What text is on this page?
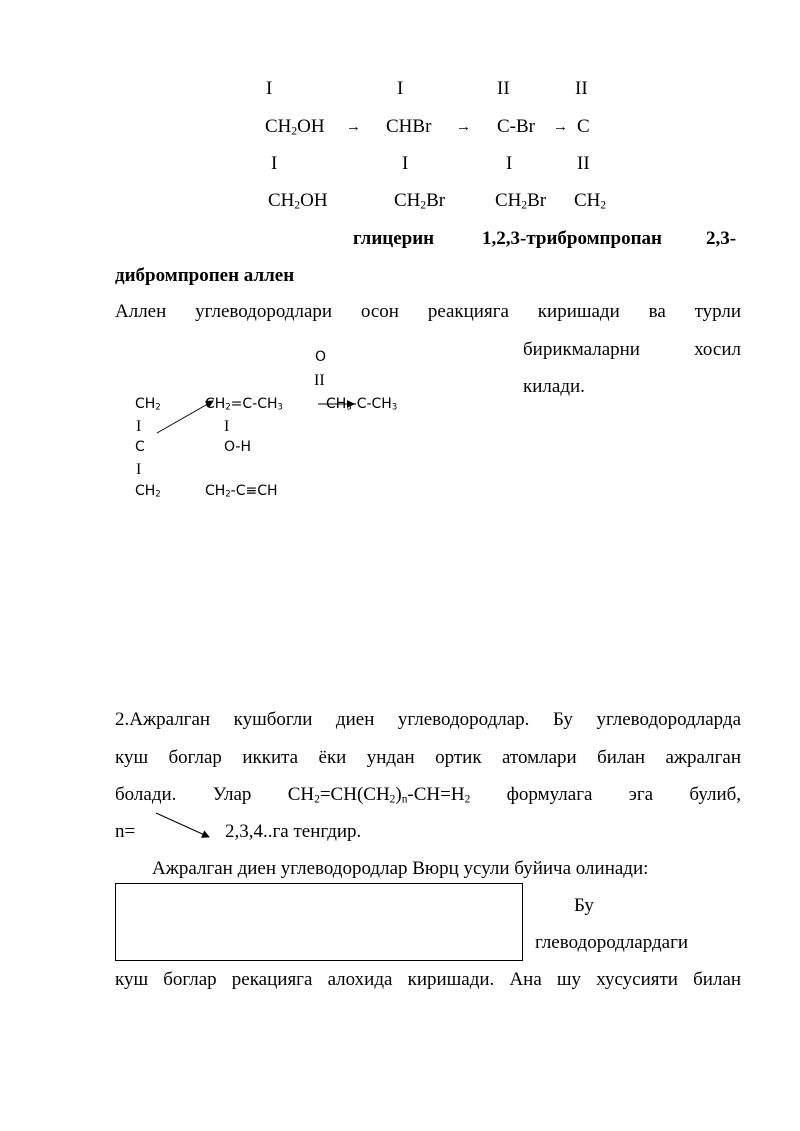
I	I	II	II
$CH_2OH$ → CHBr → C-Br → C
I	I	I	II
$CH_2OH$	$CH_2Br$	$CH_2Br$ $CH_2$
глицерин	1,2,3-трибромпропан 2,3-
дибромпропен аллен
Аллен углеводородлари осон реакцияга киришади ва турли
бирикмаларни	хосил
килади.
O
II
$CH_2$
I
C
I
$CH_2$
$CH_2=C-CH_3$
I
O-H
$CH_3-C-CH_3$
$CH_2-C\equiv CH$
2.Ажралган кушбогли диен углеводородлар. Бу углеводородларда
куш боглар иккита ёки ундан ортик атомлари билан ажралган
болади. Улар $CH_2=CH(CH_2)_n-CH=H_2$ формулага эга булиб,
n=	2,3,4..га тенгдир.
Ажралган диен углеводородлар Вюрц усули буйича олинади:
Бу
глеводородлардаги
куш боглар рекацияга алохида киришади. Ана шу хусусияти билан
